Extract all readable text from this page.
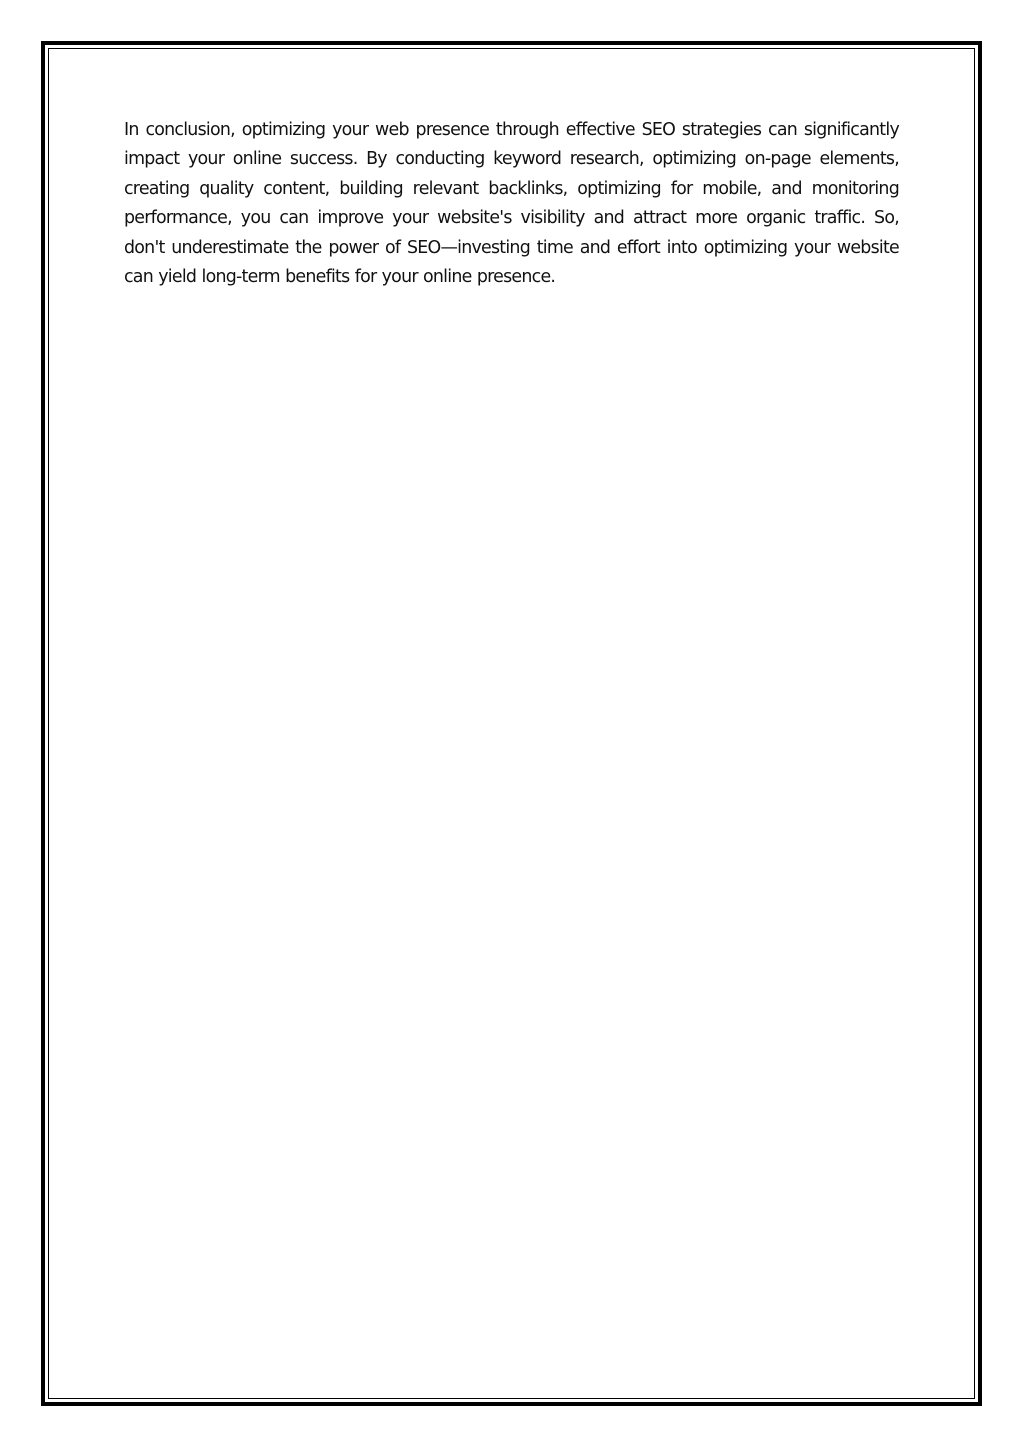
In conclusion, optimizing your web presence through effective SEO strategies can significantly impact your online success. By conducting keyword research, optimizing on-page elements, creating quality content, building relevant backlinks, optimizing for mobile, and monitoring performance, you can improve your website's visibility and attract more organic traffic. So, don't underestimate the power of SEO—investing time and effort into optimizing your website can yield long-term benefits for your online presence.
